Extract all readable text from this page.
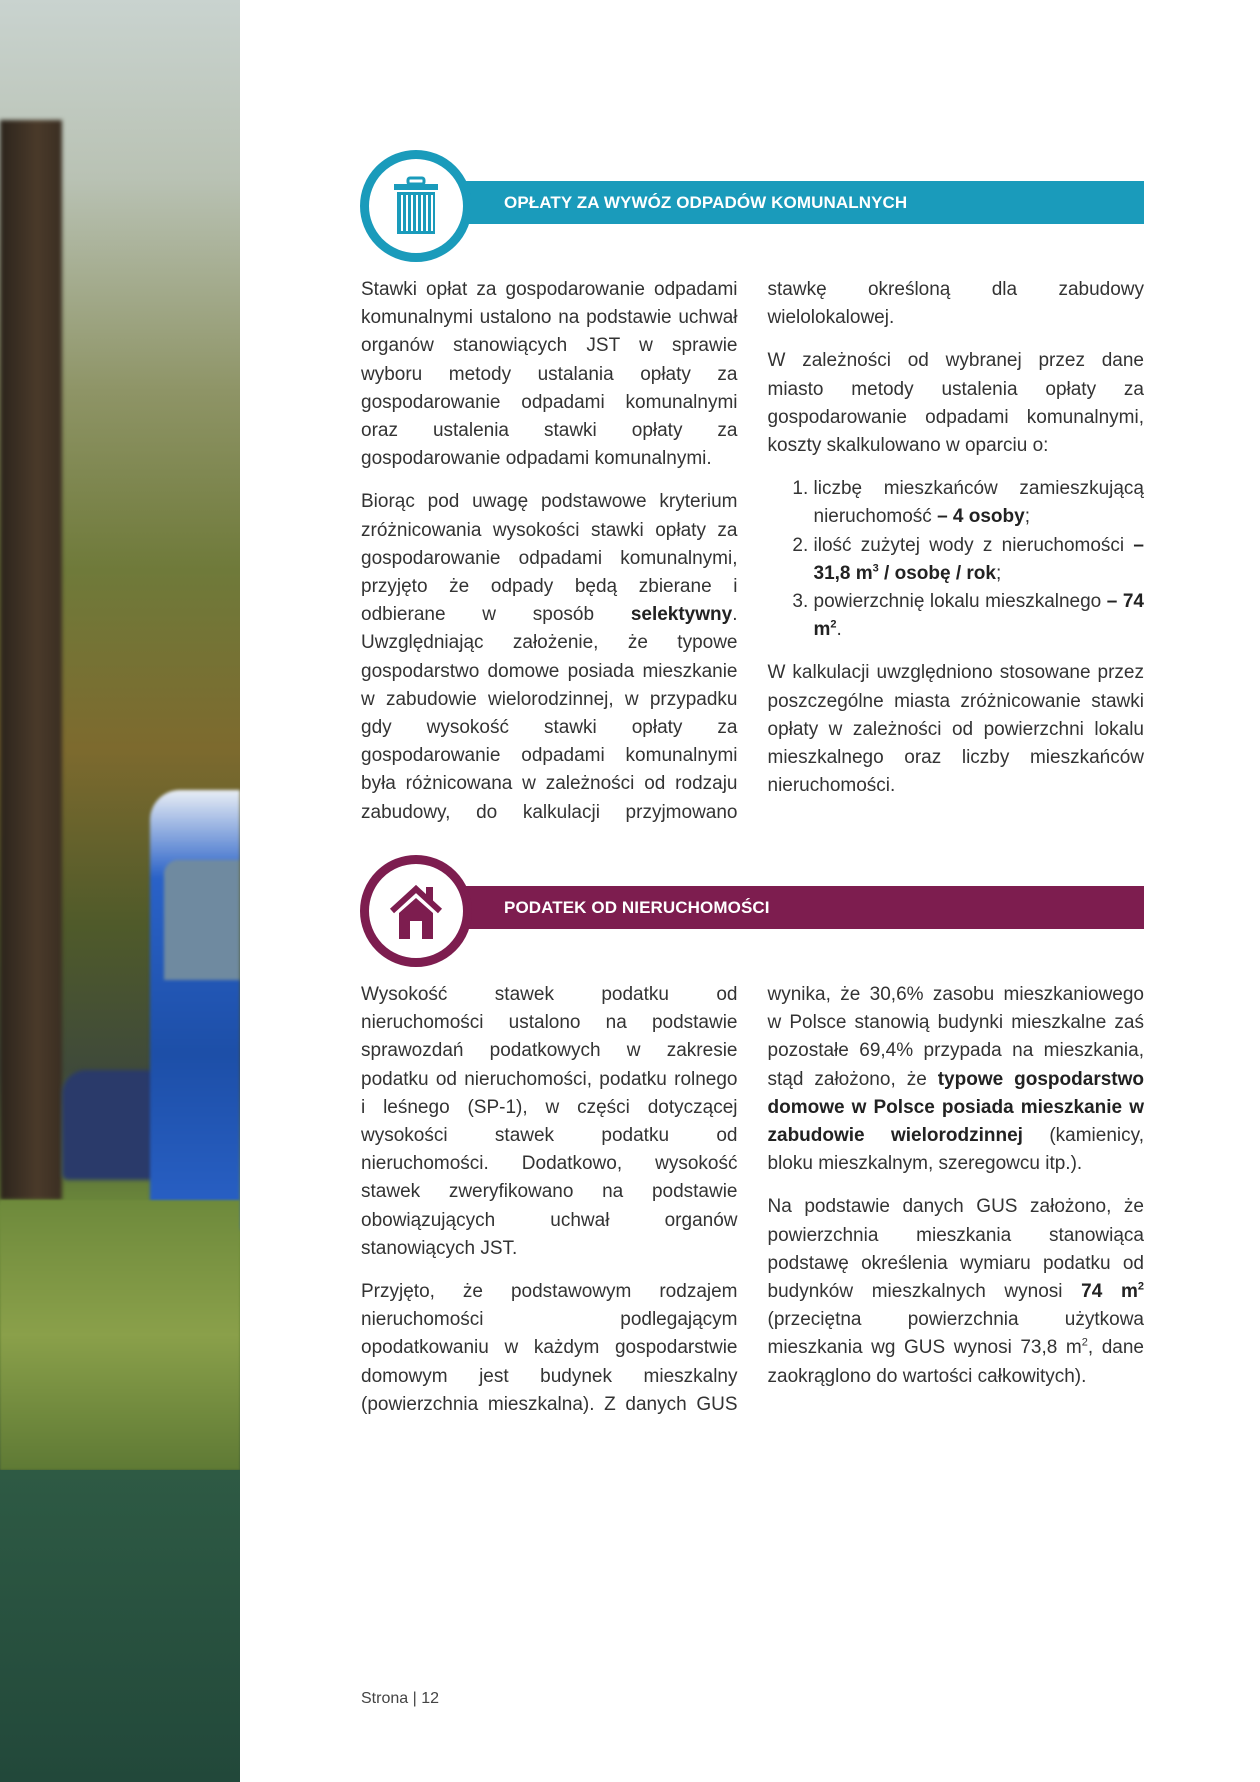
OPŁATY ZA WYWÓZ ODPADÓW KOMUNALNYCH

Stawki opłat za gospodarowanie odpadami komunalnymi ustalono na podstawie uchwał organów stanowiących JST w sprawie wyboru metody ustalania opłaty za gospodarowanie odpadami komunalnymi oraz ustalenia stawki opłaty za gospodarowanie odpadami komunalnymi.

Biorąc pod uwagę podstawowe kryterium zróżnicowania wysokości stawki opłaty za gospodarowanie odpadami komunalnymi, przyjęto że odpady będą zbierane i odbierane w sposób selektywny. Uwzględniając założenie, że typowe gospodarstwo domowe posiada mieszkanie w zabudowie wielorodzinnej, w przypadku gdy wysokość stawki opłaty za gospodarowanie odpadami komunalnymi była różnicowana w zależności od rodzaju zabudowy, do kalkulacji przyjmowano stawkę określoną dla zabudowy wielolokalowej.

W zależności od wybranej przez dane miasto metody ustalenia opłaty za gospodarowanie odpadami komunalnymi, koszty skalkulowano w oparciu o:

1. liczbę mieszkańców zamieszkującą nieruchomość – 4 osoby;
2. ilość zużytej wody z nieruchomości – 31,8 $m^3$ / osobę / rok;
3. powierzchnię lokalu mieszkalnego – 74 $m^2$.

W kalkulacji uwzględniono stosowane przez poszczególne miasta zróżnicowanie stawki opłaty w zależności od powierzchni lokalu mieszkalnego oraz liczby mieszkańców nieruchomości.

PODATEK OD NIERUCHOMOŚCI

Wysokość stawek podatku od nieruchomości ustalono na podstawie sprawozdań podatkowych w zakresie podatku od nieruchomości, podatku rolnego i leśnego (SP-1), w części dotyczącej wysokości stawek podatku od nieruchomości. Dodatkowo, wysokość stawek zweryfikowano na podstawie obowiązujących uchwał organów stanowiących JST.

Przyjęto, że podstawowym rodzajem nieruchomości podlegającym opodatkowaniu w każdym gospodarstwie domowym jest budynek mieszkalny (powierzchnia mieszkalna). Z danych GUS wynika, że 30,6% zasobu mieszkaniowego w Polsce stanowią budynki mieszkalne zaś pozostałe 69,4% przypada na mieszkania, stąd założono, że typowe gospodarstwo domowe w Polsce posiada mieszkanie w zabudowie wielorodzinnej (kamienicy, bloku mieszkalnym, szeregowcu itp.).

Na podstawie danych GUS założono, że powierzchnia mieszkania stanowiąca podstawę określenia wymiaru podatku od budynków mieszkalnych wynosi 74 $m^2$ (przeciętna powierzchnia użytkowa mieszkania wg GUS wynosi 73,8 $m^2$, dane zaokrąglono do wartości całkowitych).

Strona | 12
